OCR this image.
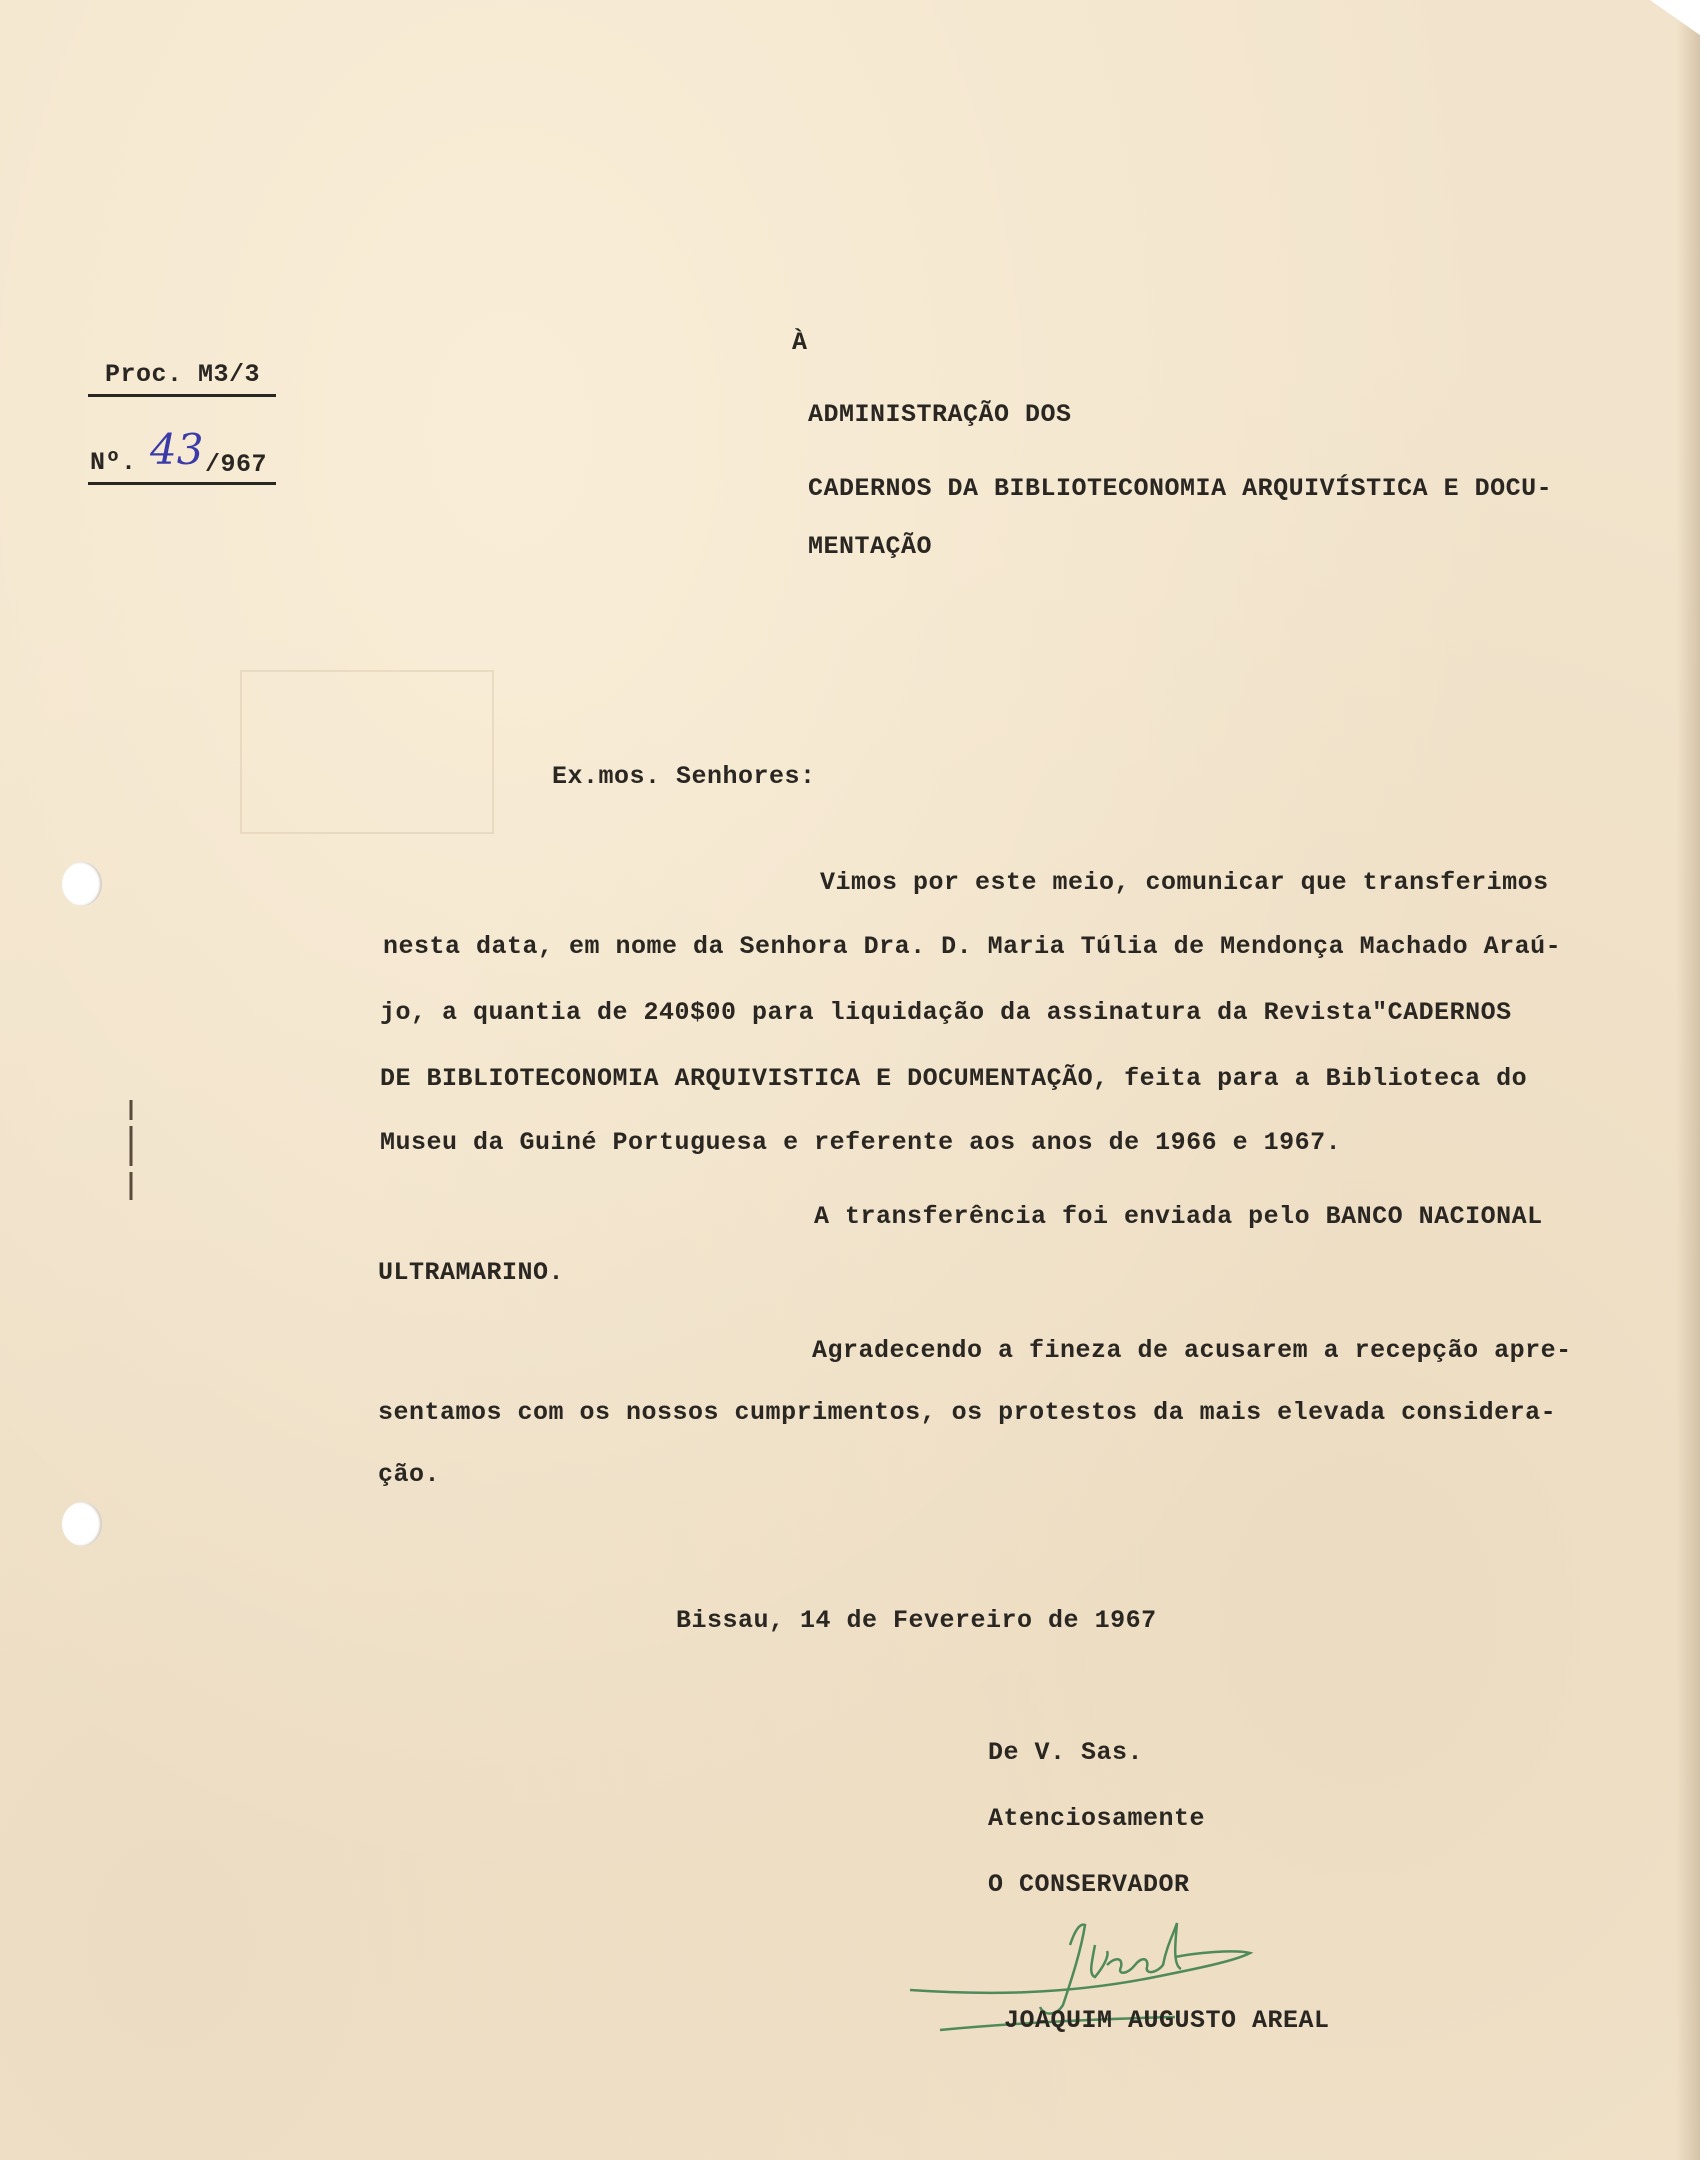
Proc. M3/3
Nº. 43 /967
À
ADMINISTRAÇÃO DOS
CADERNOS DA BIBLIOTECONOMIA ARQUIVÍSTICA E DOCU-
MENTAÇÃO
Ex.mos. Senhores:
Vimos por este meio, comunicar que transferimos
nesta data, em nome da Senhora Dra. D. Maria Túlia de Mendonça Machado Araú-
jo, a quantia de 240$00 para liquidação da assinatura da Revista"CADERNOS
DE BIBLIOTECONOMIA ARQUIVISTICA E DOCUMENTAÇÃO, feita para a Biblioteca do
Museu da Guiné Portuguesa e referente aos anos de 1966 e 1967.
A transferência foi enviada pelo BANCO NACIONAL
ULTRAMARINO.
Agradecendo a fineza de acusarem a recepção apre-
sentamos com os nossos cumprimentos, os protestos da mais elevada considera-
ção.
Bissau, 14 de Fevereiro de 1967
De V. Sas.
Atenciosamente
O CONSERVADOR
JOAQUIM AUGUSTO AREAL
